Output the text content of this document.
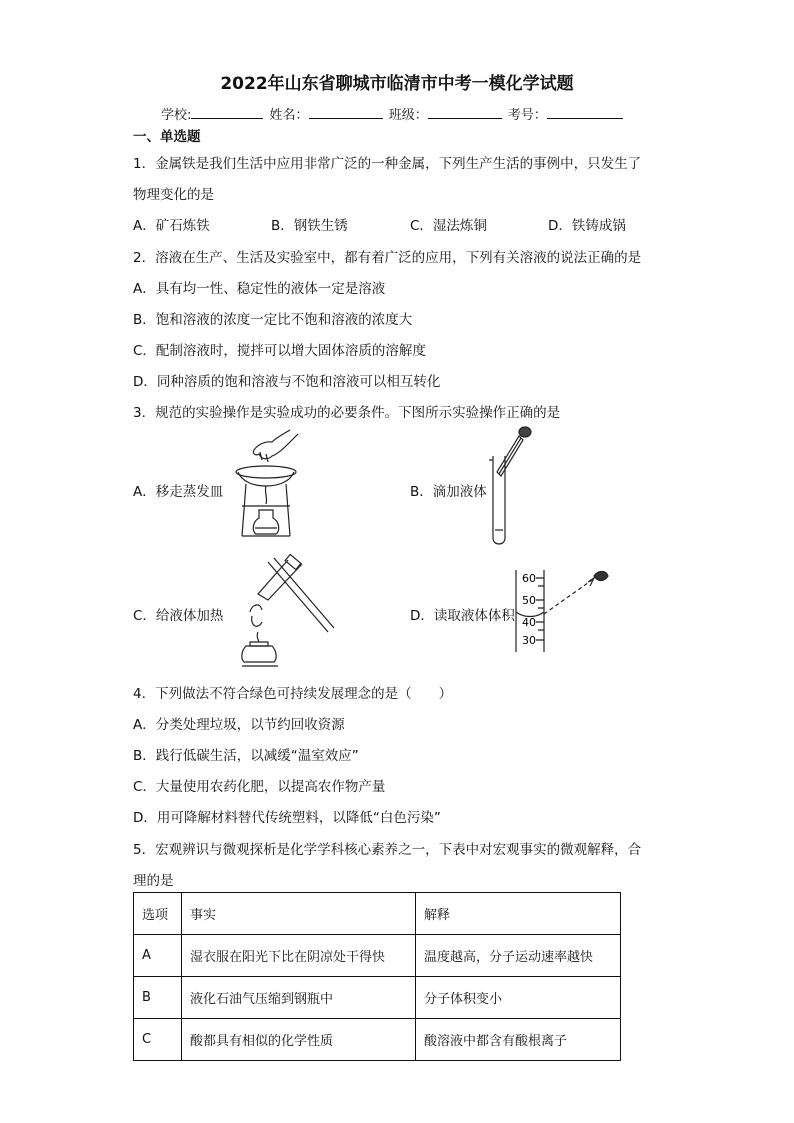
2022年山东省聊城市临清市中考一模化学试题
学校:	姓名：	班级：	考号：
一、单选题
1．金属铁是我们生活中应用非常广泛的一种金属，下列生产生活的事例中，只发生了
物理变化的是
A．矿石炼铁	B．钢铁生锈	C．湿法炼铜	D．铁铸成锅
2．溶液在生产、生活及实验室中，都有着广泛的应用，下列有关溶液的说法正确的是
A．具有均一性、稳定性的液体一定是溶液
B．饱和溶液的浓度一定比不饱和溶液的浓度大
C．配制溶液时，搅拌可以增大固体溶质的溶解度
D．同种溶质的饱和溶液与不饱和溶液可以相互转化
3．规范的实验操作是实验成功的必要条件。下图所示实验操作正确的是
A．移走蒸发皿	B．滴加液体
C．给液体加热	D．读取液体体积
60
50
40
30
4．下列做法不符合绿色可持续发展理念的是（　　）
A．分类处理垃圾，以节约回收资源
B．践行低碳生活，以减缓“温室效应”
C．大量使用农药化肥，以提高农作物产量
D．用可降解材料替代传统塑料，以降低“白色污染”
5．宏观辨识与微观探析是化学学科核心素养之一，下表中对宏观事实的微观解释，合
理的是
选项	事实	解释
A	湿衣服在阳光下比在阴凉处干得快	温度越高，分子运动速率越快
B	液化石油气压缩到钢瓶中	分子体积变小
C	酸都具有相似的化学性质	酸溶液中都含有酸根离子
